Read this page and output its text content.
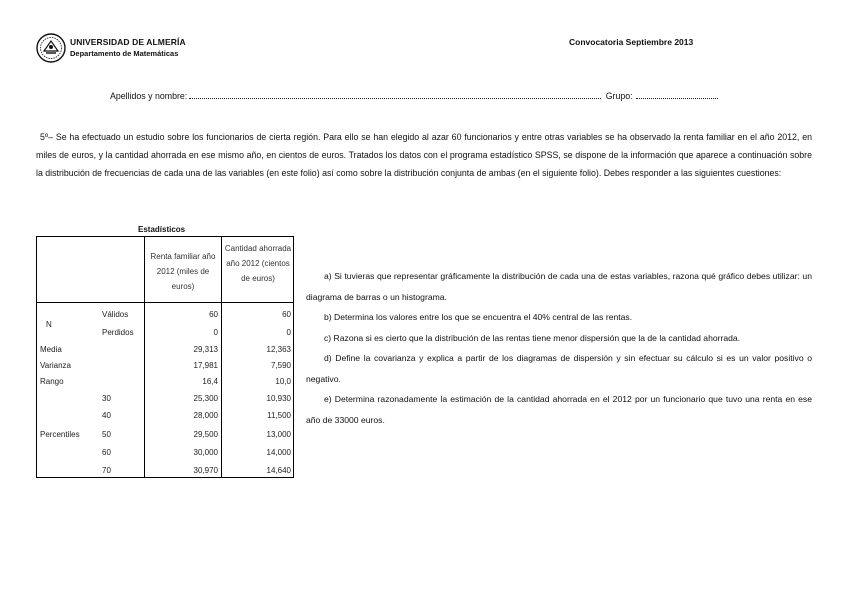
UNIVERSIDAD DE ALMERÍA
Departamento de Matemáticas
Convocatoria Septiembre 2013
Apellidos y nombre:	Grupo:

5º– Se ha efectuado un estudio sobre los funcionarios de cierta región. Para ello se han elegido al azar 60 funcionarios y entre otras variables se ha observado la renta familiar en el año 2012, en miles de euros, y la cantidad ahorrada en ese mismo año, en cientos de euros. Tratados los datos con el programa estadístico SPSS, se dispone de la información que aparece a continuación sobre la distribución de frecuencias de cada una de las variables (en este folio) así como sobre la distribución conjunta de ambas (en el siguiente folio). Debes responder a las siguientes cuestiones:

Estadísticos
Renta familiar año 2012 (miles de euros)
Cantidad ahorrada año 2012 (cientos de euros)
N
Válidos
Perdidos
Media
Varianza
Rango
Percentiles
30
40
50
60
70
60
0
29,313
17,981
16,4
25,300
28,000
29,500
30,000
30,970
60
0
12,363
7,590
10,0
10,930
11,500
13,000
14,000
14,640

a) Si tuvieras que representar gráficamente la distribución de cada una de estas variables, razona qué gráfico debes utilizar: un diagrama de barras o un histograma.

b) Determina los valores entre los que se encuentra el 40% central de las rentas.

c) Razona si es cierto que la distribución de las rentas tiene menor dispersión que la de la cantidad ahorrada.

d) Define la covarianza y explica a partir de los diagramas de dispersión y sin efectuar su cálculo si es un valor positivo o negativo.

e) Determina razonadamente la estimación de la cantidad ahorrada en el 2012 por un funcionario que tuvo una renta en ese año de 33000 euros.
